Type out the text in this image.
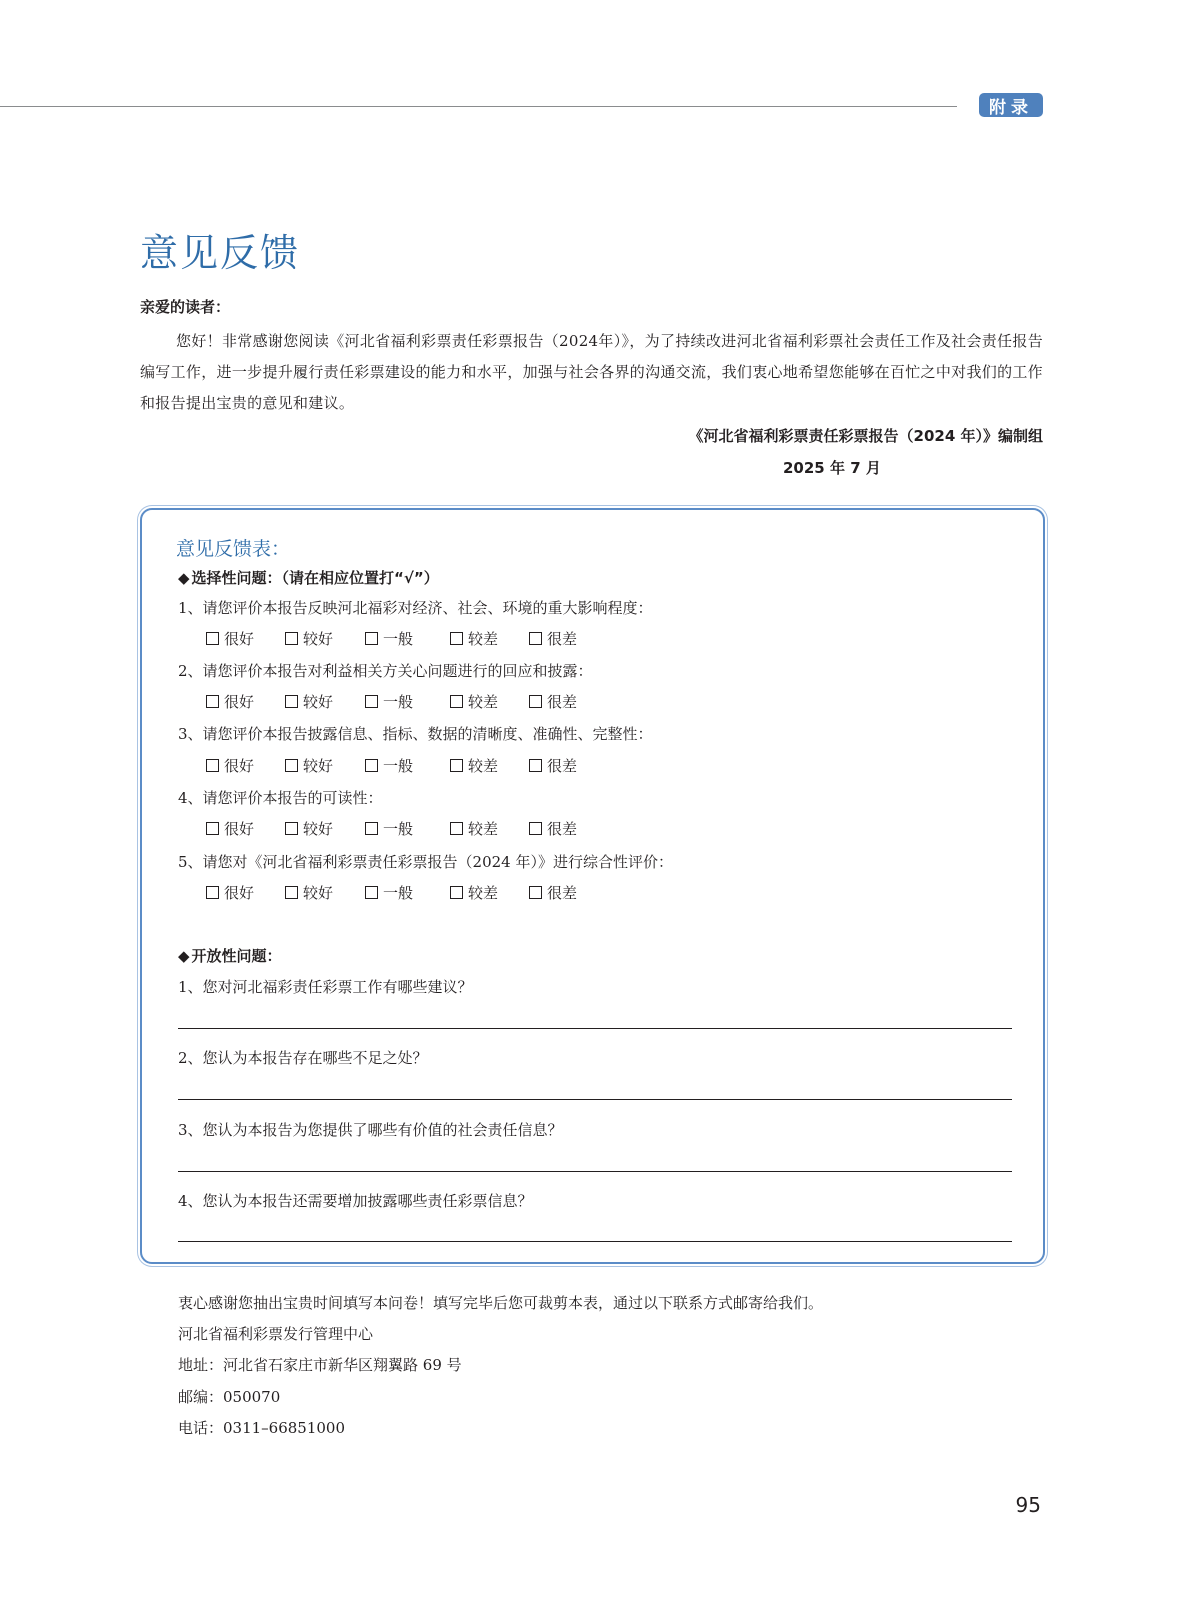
附录
意见反馈
亲爱的读者：

您好！非常感谢您阅读《河北省福利彩票责任彩票报告（2024年）》，为了持续改进河北省福利彩票社会责任工作及社会责任报告编写工作，进一步提升履行责任彩票建设的能力和水平，加强与社会各界的沟通交流，我们衷心地希望您能够在百忙之中对我们的工作和报告提出宝贵的意见和建议。

《河北省福利彩票责任彩票报告（2024 年）》编制组
2025 年 7 月
意见反馈表：
◆ 选择性问题：（请在相应位置打“√”）
1、请您评价本报告反映河北福彩对经济、社会、环境的重大影响程度：
很好	较好	一般	较差	很差
2、请您评价本报告对利益相关方关心问题进行的回应和披露：
很好	较好	一般	较差	很差
3、请您评价本报告披露信息、指标、数据的清晰度、准确性、完整性：
很好	较好	一般	较差	很差
4、请您评价本报告的可读性：
很好	较好	一般	较差	很差
5、请您对《河北省福利彩票责任彩票报告（2024 年）》进行综合性评价：
很好	较好	一般	较差	很差
◆ 开放性问题：
1、您对河北福彩责任彩票工作有哪些建议？
2、您认为本报告存在哪些不足之处？
3、您认为本报告为您提供了哪些有价值的社会责任信息？
4、您认为本报告还需要增加披露哪些责任彩票信息？
衷心感谢您抽出宝贵时间填写本问卷！填写完毕后您可裁剪本表，通过以下联系方式邮寄给我们。
河北省福利彩票发行管理中心
地址：河北省石家庄市新华区翔翼路 69 号
邮编：050070
电话：0311–66851000
95
